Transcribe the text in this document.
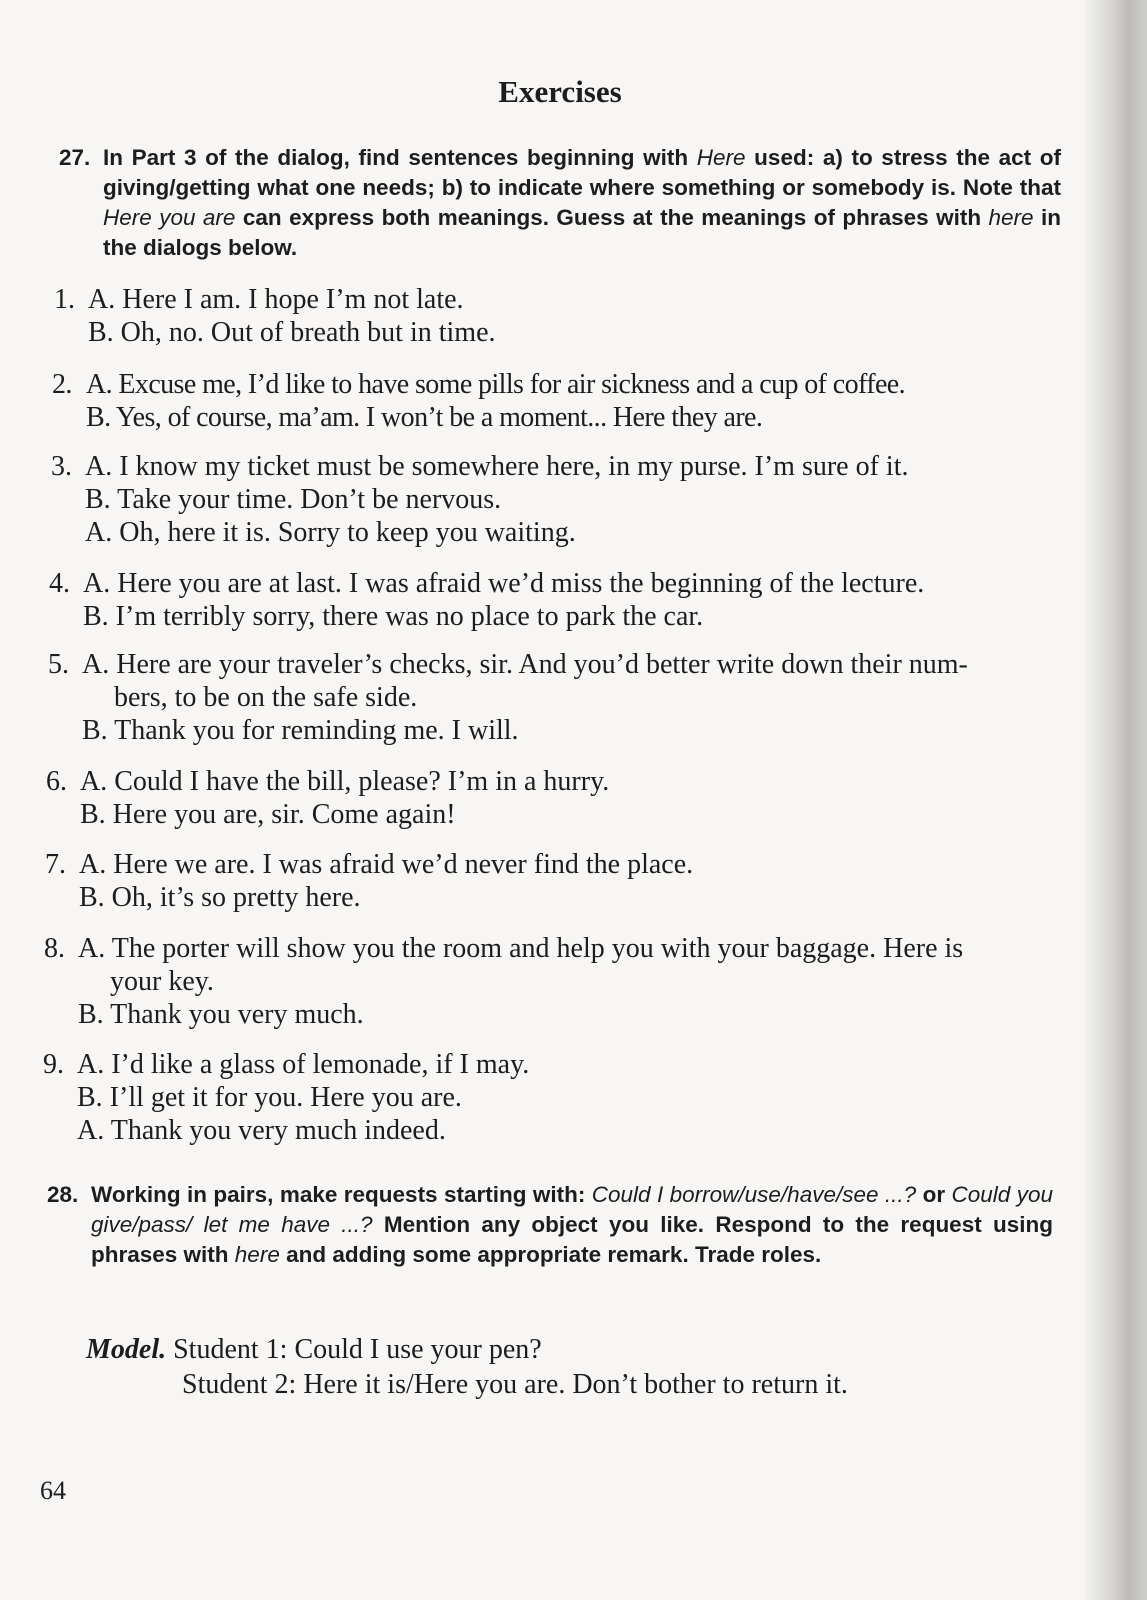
Exercises
27. In Part 3 of the dialog, find sentences beginning with Here used: a) to stress the act of giving/getting what one needs; b) to indicate where something or somebody is. Note that Here you are can express both meanings. Guess at the meanings of phrases with here in the dialogs below.
1. A. Here I am. I hope I’m not late.
B. Oh, no. Out of breath but in time.
2. A. Excuse me, I’d like to have some pills for air sickness and a cup of coffee.
B. Yes, of course, ma’am. I won’t be a moment... Here they are.
3. A. I know my ticket must be somewhere here, in my purse. I’m sure of it.
B. Take your time. Don’t be nervous.
A. Oh, here it is. Sorry to keep you waiting.
4. A. Here you are at last. I was afraid we’d miss the beginning of the lecture.
B. I’m terribly sorry, there was no place to park the car.
5. A. Here are your traveler’s checks, sir. And you’d better write down their num-
bers, to be on the safe side.
B. Thank you for reminding me. I will.
6. A. Could I have the bill, please? I’m in a hurry.
B. Here you are, sir. Come again!
7. A. Here we are. I was afraid we’d never find the place.
B. Oh, it’s so pretty here.
8. A. The porter will show you the room and help you with your baggage. Here is
your key.
B. Thank you very much.
9. A. I’d like a glass of lemonade, if I may.
B. I’ll get it for you. Here you are.
A. Thank you very much indeed.
28. Working in pairs, make requests starting with: Could I borrow/use/have/see ...? or Could you give/pass/ let me have ...? Mention any object you like. Respond to the request using phrases with here and adding some appropriate remark. Trade roles.
Model. Student 1: Could I use your pen?
Student 2: Here it is/Here you are. Don’t bother to return it.
64
